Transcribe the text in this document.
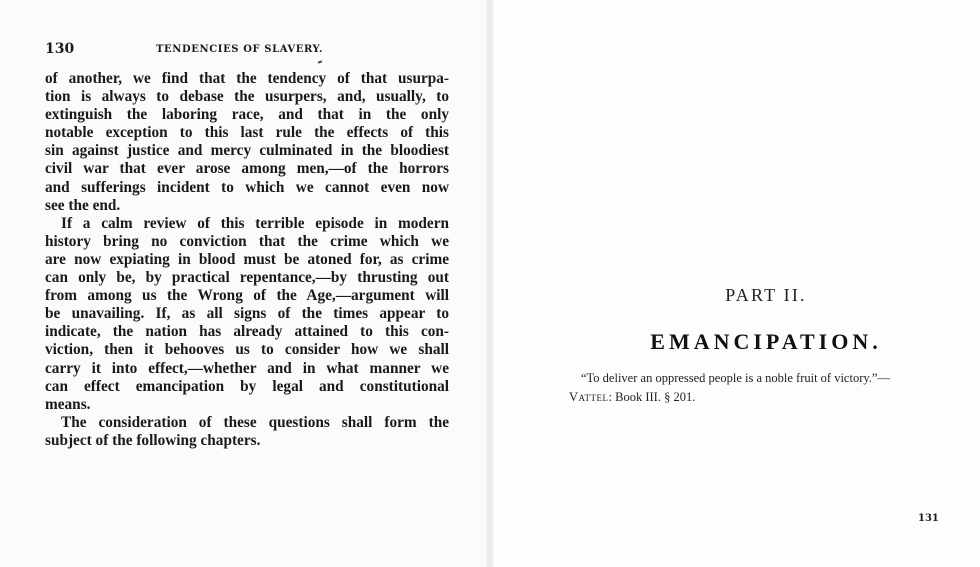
130	TENDENCIES OF SLAVERY.
of another, we find that the tendency of that usurpa-
tion is always to debase the usurpers, and, usually, to
extinguish the laboring race, and that in the only
notable exception to this last rule the effects of this
sin against justice and mercy culminated in the bloodiest
civil war that ever arose among men,—of the horrors
and sufferings incident to which we cannot even now
see the end.
If a calm review of this terrible episode in modern
history bring no conviction that the crime which we
are now expiating in blood must be atoned for, as crime
can only be, by practical repentance,—by thrusting out
from among us the Wrong of the Age,—argument will
be unavailing. If, as all signs of the times appear to
indicate, the nation has already attained to this con-
viction, then it behooves us to consider how we shall
carry it into effect,—whether and in what manner we
can effect emancipation by legal and constitutional
means.
The consideration of these questions shall form the
subject of the following chapters.
PART II.
EMANCIPATION.
“To deliver an oppressed people is a noble fruit of victory.”—
Vattel: Book III. § 201.
131
